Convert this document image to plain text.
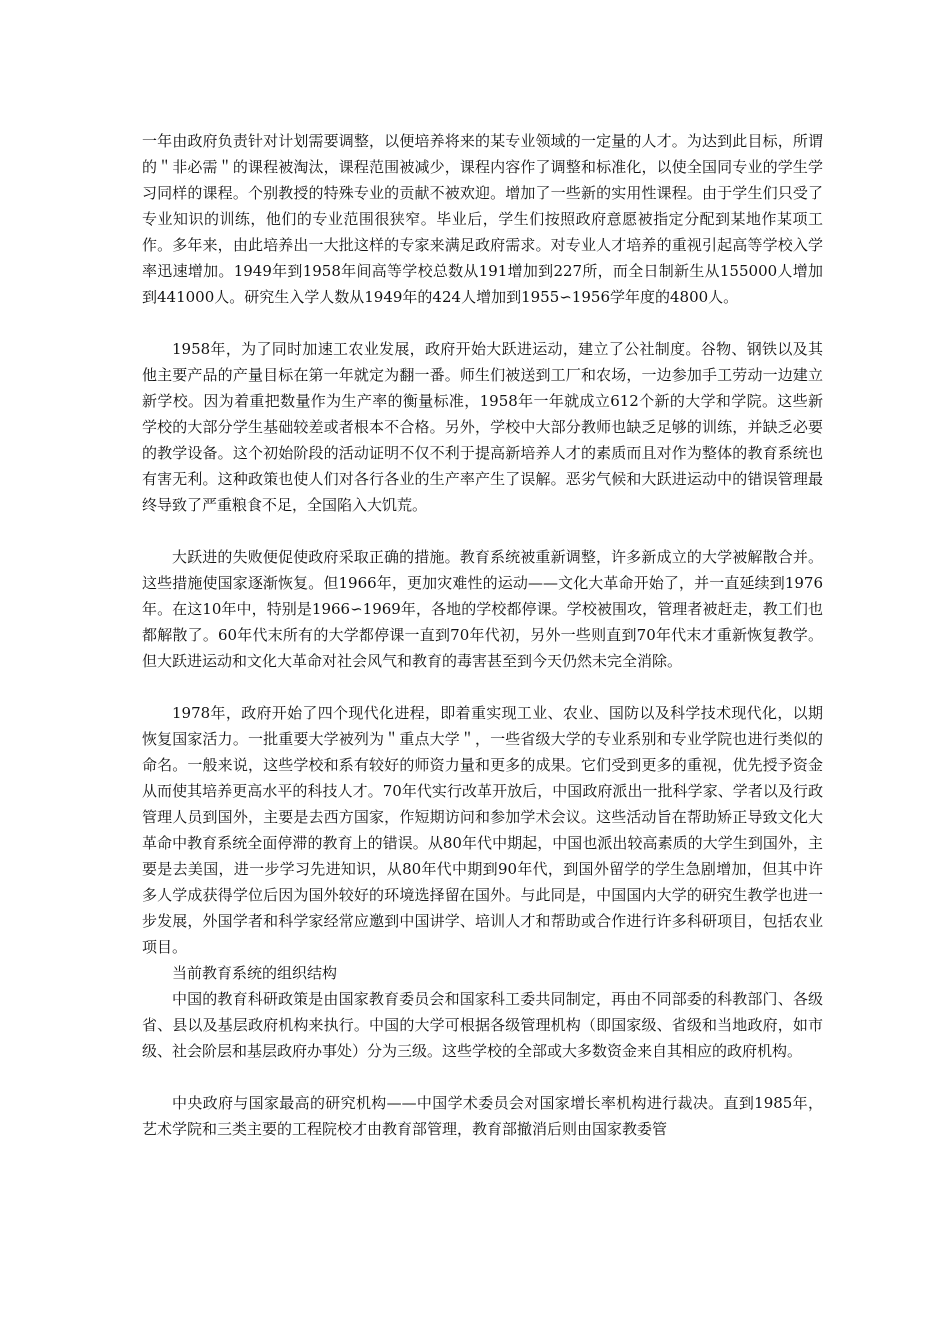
一年由政府负责针对计划需要调整，以便培养将来的某专业领域的一定量的人才。为达到此目标，所谓的＂非必需＂的课程被淘汰，课程范围被减少，课程内容作了调整和标准化，以使全国同专业的学生学习同样的课程。个别教授的特殊专业的贡献不被欢迎。增加了一些新的实用性课程。由于学生们只受了专业知识的训练，他们的专业范围很狭窄。毕业后，学生们按照政府意愿被指定分配到某地作某项工作。多年来，由此培养出一大批这样的专家来满足政府需求。对专业人才培养的重视引起高等学校入学率迅速增加。1949年到1958年间高等学校总数从191增加到227所，而全日制新生从155000人增加到441000人。研究生入学人数从1949年的424人增加到1955∽1956学年度的4800人。

1958年，为了同时加速工农业发展，政府开始大跃进运动，建立了公社制度。谷物、钢铁以及其他主要产品的产量目标在第一年就定为翻一番。师生们被送到工厂和农场，一边参加手工劳动一边建立新学校。因为着重把数量作为生产率的衡量标准，1958年一年就成立612个新的大学和学院。这些新学校的大部分学生基础较差或者根本不合格。另外，学校中大部分教师也缺乏足够的训练，并缺乏必要的教学设备。这个初始阶段的活动证明不仅不利于提高新培养人才的素质而且对作为整体的教育系统也有害无利。这种政策也使人们对各行各业的生产率产生了误解。恶劣气候和大跃进运动中的错误管理最终导致了严重粮食不足，全国陷入大饥荒。

大跃进的失败便促使政府采取正确的措施。教育系统被重新调整，许多新成立的大学被解散合并。这些措施使国家逐渐恢复。但1966年，更加灾难性的运动——文化大革命开始了，并一直延续到1976年。在这10年中，特别是1966∽1969年，各地的学校都停课。学校被围攻，管理者被赶走，教工们也都解散了。60年代末所有的大学都停课一直到70年代初，另外一些则直到70年代末才重新恢复教学。但大跃进运动和文化大革命对社会风气和教育的毒害甚至到今天仍然未完全消除。

1978年，政府开始了四个现代化进程，即着重实现工业、农业、国防以及科学技术现代化，以期恢复国家活力。一批重要大学被列为＂重点大学＂，一些省级大学的专业系别和专业学院也进行类似的命名。一般来说，这些学校和系有较好的师资力量和更多的成果。它们受到更多的重视，优先授予资金从而使其培养更高水平的科技人才。70年代实行改革开放后，中国政府派出一批科学家、学者以及行政管理人员到国外，主要是去西方国家，作短期访问和参加学术会议。这些活动旨在帮助矫正导致文化大革命中教育系统全面停滞的教育上的错误。从80年代中期起，中国也派出较高素质的大学生到国外，主要是去美国，进一步学习先进知识，从80年代中期到90年代，到国外留学的学生急剧增加，但其中许多人学成获得学位后因为国外较好的环境选择留在国外。与此同是，中国国内大学的研究生教学也进一步发展，外国学者和科学家经常应邀到中国讲学、培训人才和帮助或合作进行许多科研项目，包括农业项目。

当前教育系统的组织结构

中国的教育科研政策是由国家教育委员会和国家科工委共同制定，再由不同部委的科教部门、各级省、县以及基层政府机构来执行。中国的大学可根据各级管理机构（即国家级、省级和当地政府，如市级、社会阶层和基层政府办事处）分为三级。这些学校的全部或大多数资金来自其相应的政府机构。

中央政府与国家最高的研究机构——中国学术委员会对国家增长率机构进行裁决。直到1985年，艺术学院和三类主要的工程院校才由教育部管理，教育部撤消后则由国家教委管
